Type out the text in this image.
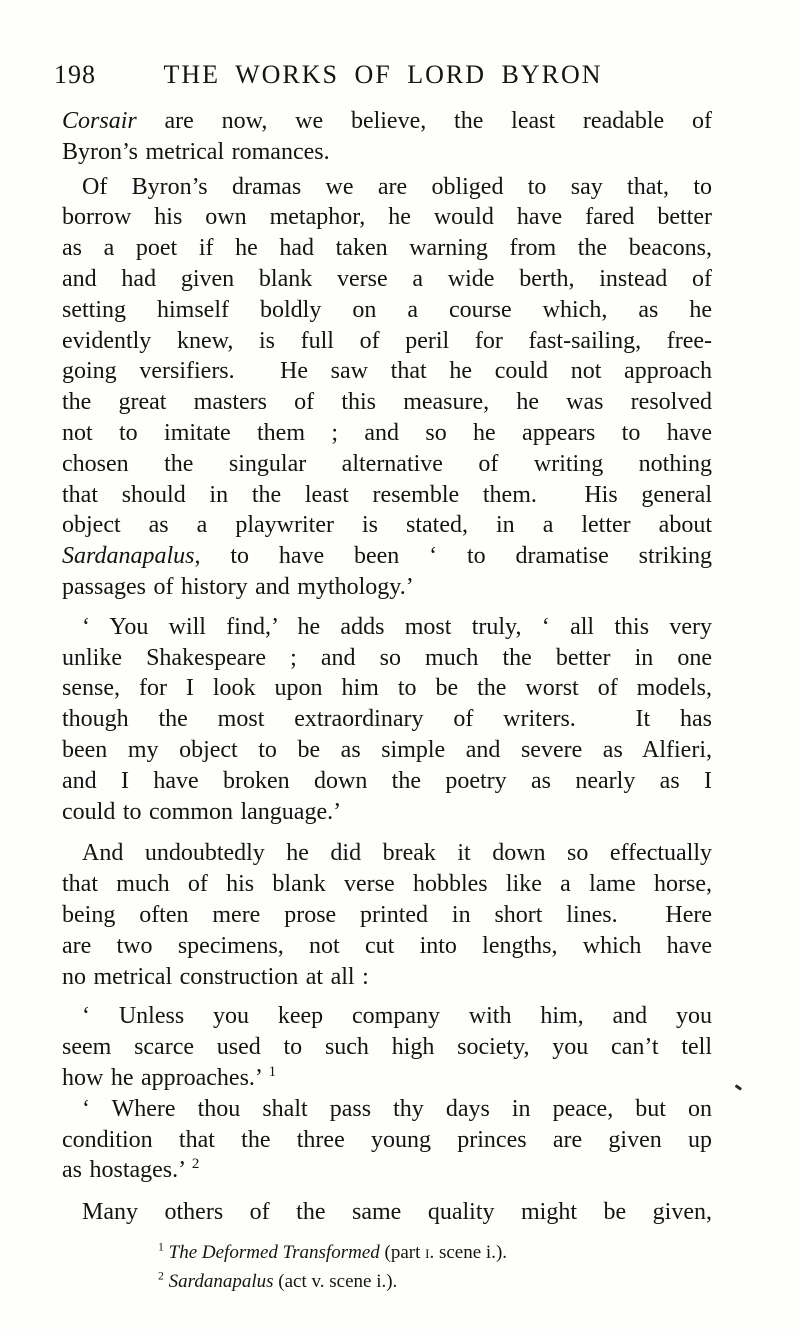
198	THE WORKS OF LORD BYRON
Corsair are now, we believe, the least readable of
Byron’s metrical romances.
Of Byron’s dramas we are obliged to say that, to
borrow his own metaphor, he would have fared better
as a poet if he had taken warning from the beacons,
and had given blank verse a wide berth, instead of
setting himself boldly on a course which, as he
evidently knew, is full of peril for fast-sailing, free-
going versifiers.  He saw that he could not approach
the great masters of this measure, he was resolved
not to imitate them ; and so he appears to have
chosen the singular alternative of writing nothing
that should in the least resemble them.  His general
object as a playwriter is stated, in a letter about
Sardanapalus, to have been ‘ to dramatise striking
passages of history and mythology.’
‘ You will find,’ he adds most truly, ‘ all this very
unlike Shakespeare ; and so much the better in one
sense, for I look upon him to be the worst of models,
though the most extraordinary of writers.  It has
been my object to be as simple and severe as Alfieri,
and I have broken down the poetry as nearly as I
could to common language.’
And undoubtedly he did break it down so effectually
that much of his blank verse hobbles like a lame horse,
being often mere prose printed in short lines.  Here
are two specimens, not cut into lengths, which have
no metrical construction at all :
‘ Unless you keep company with him, and you
seem scarce used to such high society, you can’t tell
how he approaches.’ $^1$
‘ Where thou shalt pass thy days in peace, but on
condition that the three young princes are given up
as hostages.’ $^2$
Many others of the same quality might be given,
$^1$ The Deformed Transformed (part i. scene i.).
$^2$ Sardanapalus (act v. scene i.).
